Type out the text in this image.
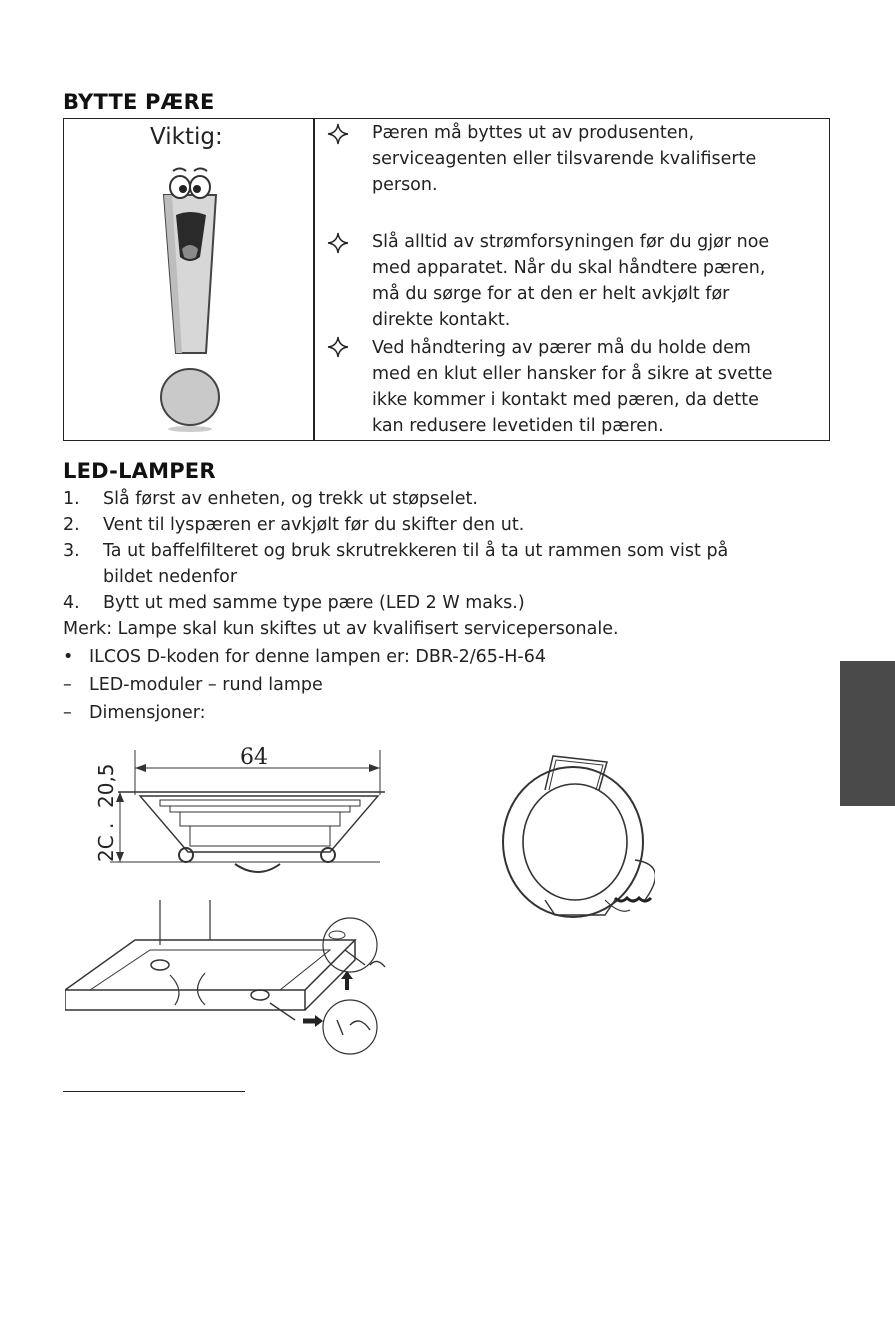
BYTTE PÆRE
Viktig:	Pæren må byttes ut av produsenten,
serviceagenten eller tilsvarende kvalifiserte
person.
Slå alltid av strømforsyningen før du gjør noe
med apparatet. Når du skal håndtere pæren,
må du sørge for at den er helt avkjølt før
direkte kontakt.
Ved håndtering av pærer må du holde dem
med en klut eller hansker for å sikre at svette
ikke kommer i kontakt med pæren, da dette
kan redusere levetiden til pæren.
LED-LAMPER
1. Slå først av enheten, og trekk ut støpselet.
2. Vent til lyspæren er avkjølt før du skifter den ut.
3. Ta ut baffelfilteret og bruk skrutrekkeren til å ta ut rammen som vist på
bildet nedenfor
4. Bytt ut med samme type pære (LED 2 W maks.)
Merk: Lampe skal kun skiftes ut av kvalifisert servicepersonale.
• ILCOS D-koden for denne lampen er: DBR-2/65-H-64
– LED-moduler – rund lampe
– Dimensjoner:
64
20,5
2C .
